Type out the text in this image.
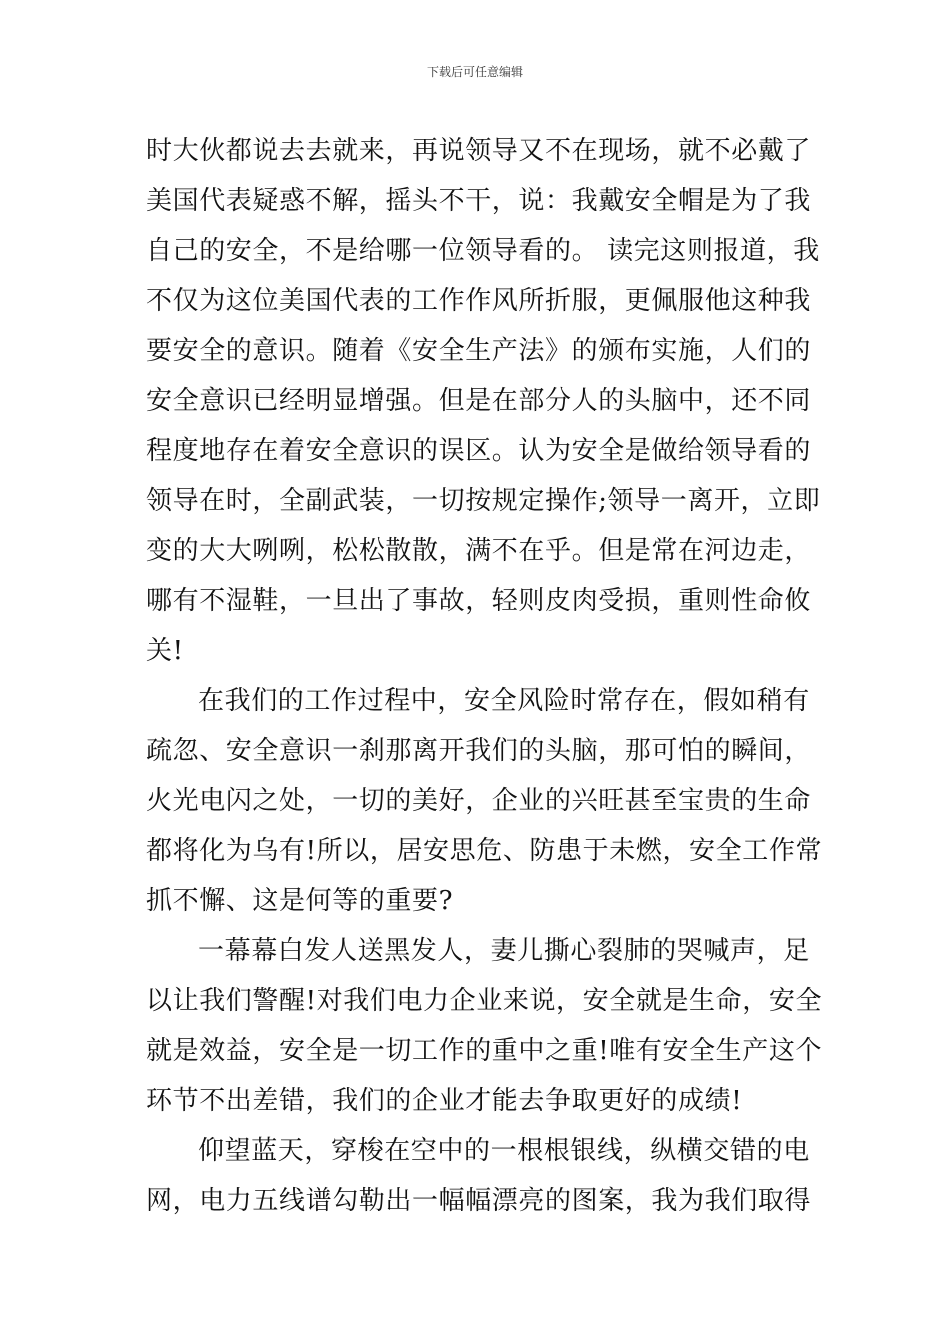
下载后可任意编辑
时大伙都说去去就来，再说领导又不在现场，就不必戴了
美国代表疑惑不解，摇头不干，说：我戴安全帽是为了我
自己的安全，不是给哪一位领导看的。 读完这则报道，我
不仅为这位美国代表的工作作风所折服，更佩服他这种我
要安全的意识。随着《安全生产法》的颁布实施，人们的
安全意识已经明显增强。但是在部分人的头脑中，还不同
程度地存在着安全意识的误区。认为安全是做给领导看的
领导在时，全副武装，一切按规定操作;领导一离开，立即
变的大大咧咧，松松散散，满不在乎。但是常在河边走，
哪有不湿鞋，一旦出了事故，轻则皮肉受损，重则性命攸
关!
在我们的工作过程中，安全风险时常存在，假如稍有
疏忽、安全意识一刹那离开我们的头脑，那可怕的瞬间，
火光电闪之处，一切的美好，企业的兴旺甚至宝贵的生命
都将化为乌有!所以，居安思危、防患于未燃，安全工作常
抓不懈、这是何等的重要?
一幕幕白发人送黑发人，妻儿撕心裂肺的哭喊声，足
以让我们警醒!对我们电力企业来说，安全就是生命，安全
就是效益，安全是一切工作的重中之重!唯有安全生产这个
环节不出差错，我们的企业才能去争取更好的成绩!
仰望蓝天，穿梭在空中的一根根银线，纵横交错的电
网，电力五线谱勾勒出一幅幅漂亮的图案，我为我们取得
